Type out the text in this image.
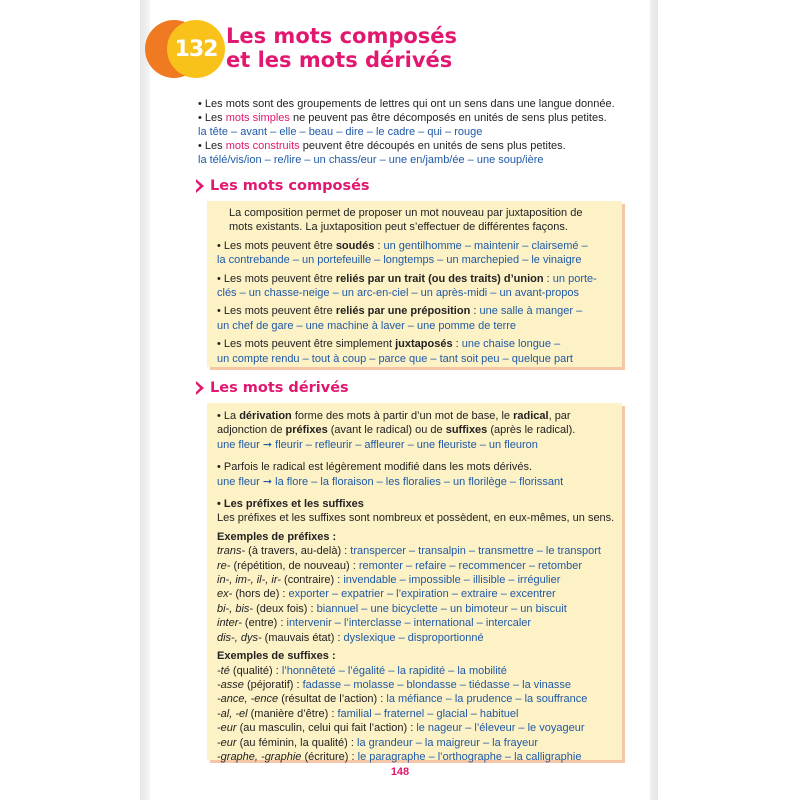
132
Les mots composés
et les mots dérivés

• Les mots sont des groupements de lettres qui ont un sens dans une langue donnée.

• Les mots simples ne peuvent pas être décomposés en unités de sens plus petites.

la tête – avant – elle – beau – dire – le cadre – qui – rouge

• Les mots construits peuvent être découpés en unités de sens plus petites.

la télé/vis/ion – re/lire – un chass/eur – une en/jamb/ée – une soup/ière

Les mots composés

La composition permet de proposer un mot nouveau par juxtaposition de

mots existants. La juxtaposition peut s’effectuer de différentes façons.

• Les mots peuvent être soudés : un gentilhomme – maintenir – clairsemé –

la contrebande – un portefeuille – longtemps – un marchepied – le vinaigre

• Les mots peuvent être reliés par un trait (ou des traits) d’union : un porte-

clés – un chasse-neige – un arc-en-ciel – un après-midi – un avant-propos

• Les mots peuvent être reliés par une préposition : une salle à manger –

un chef de gare – une machine à laver – une pomme de terre

• Les mots peuvent être simplement juxtaposés : une chaise longue –

un compte rendu – tout à coup – parce que – tant soit peu – quelque part

Les mots dérivés

• La dérivation forme des mots à partir d’un mot de base, le radical, par

adjonction de préfixes (avant le radical) ou de suffixes (après le radical).

une fleur ➞ fleurir – refleurir – affleurer – une fleuriste – un fleuron

• Parfois le radical est légèrement modifié dans les mots dérivés.

une fleur ➞ la flore – la floraison – les floralies – un florilège – florissant

• Les préfixes et les suffixes

Les préfixes et les suffixes sont nombreux et possèdent, en eux-mêmes, un sens.

Exemples de préfixes :

trans- (à travers, au-delà) : transpercer – transalpin – transmettre – le transport

re- (répétition, de nouveau) : remonter – refaire – recommencer – retomber

in-, im-, il-, ir- (contraire) : invendable – impossible – illisible – irrégulier

ex- (hors de) : exporter – expatrier – l’expiration – extraire – excentrer

bi-, bis- (deux fois) : biannuel – une bicyclette – un bimoteur – un biscuit

inter- (entre) : intervenir – l’interclasse – international – intercaler

dis-, dys- (mauvais état) : dyslexique – disproportionné

Exemples de suffixes :

-té (qualité) : l’honnêteté – l’égalité – la rapidité – la mobilité

-asse (péjoratif) : fadasse – molasse – blondasse – tiédasse – la vinasse

-ance, -ence (résultat de l’action) : la méfiance – la prudence – la souffrance

-al, -el (manière d’être) : familial – fraternel – glacial – habituel

-eur (au masculin, celui qui fait l’action) : le nageur – l’éleveur – le voyageur

-eur (au féminin, la qualité) : la grandeur – la maigreur – la frayeur

-graphe, -graphie (écriture) : le paragraphe – l’orthographe – la calligraphie

148
